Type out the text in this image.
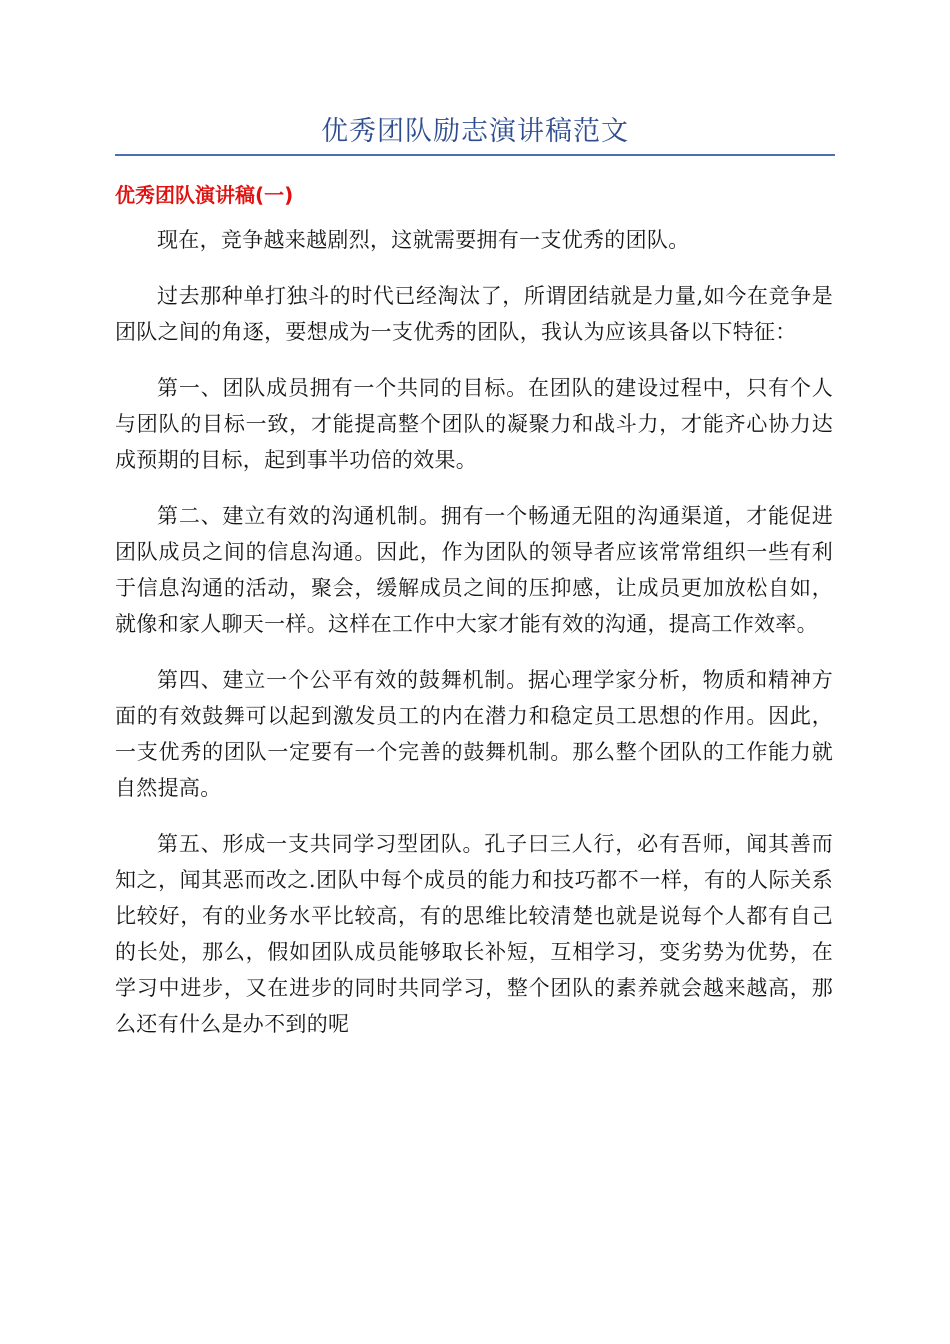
优秀团队励志演讲稿范文
优秀团队演讲稿(一)

现在，竞争越来越剧烈，这就需要拥有一支优秀的团队。

过去那种单打独斗的时代已经淘汰了，所谓团结就是力量,如今在竞争是团队之间的角逐，要想成为一支优秀的团队，我认为应该具备以下特征：

第一、团队成员拥有一个共同的目标。在团队的建设过程中，只有个人与团队的目标一致，才能提高整个团队的凝聚力和战斗力，才能齐心协力达成预期的目标，起到事半功倍的效果。

第二、建立有效的沟通机制。拥有一个畅通无阻的沟通渠道，才能促进团队成员之间的信息沟通。因此，作为团队的领导者应该常常组织一些有利于信息沟通的活动，聚会，缓解成员之间的压抑感，让成员更加放松自如，就像和家人聊天一样。这样在工作中大家才能有效的沟通，提高工作效率。

第四、建立一个公平有效的鼓舞机制。据心理学家分析，物质和精神方面的有效鼓舞可以起到激发员工的内在潜力和稳定员工思想的作用。因此，一支优秀的团队一定要有一个完善的鼓舞机制。那么整个团队的工作能力就自然提高。

第五、形成一支共同学习型团队。孔子曰三人行，必有吾师，闻其善而知之，闻其恶而改之.团队中每个成员的能力和技巧都不一样，有的人际关系比较好，有的业务水平比较高，有的思维比较清楚也就是说每个人都有自己的长处，那么，假如团队成员能够取长补短，互相学习，变劣势为优势，在学习中进步，又在进步的同时共同学习，整个团队的素养就会越来越高，那么还有什么是办不到的呢
